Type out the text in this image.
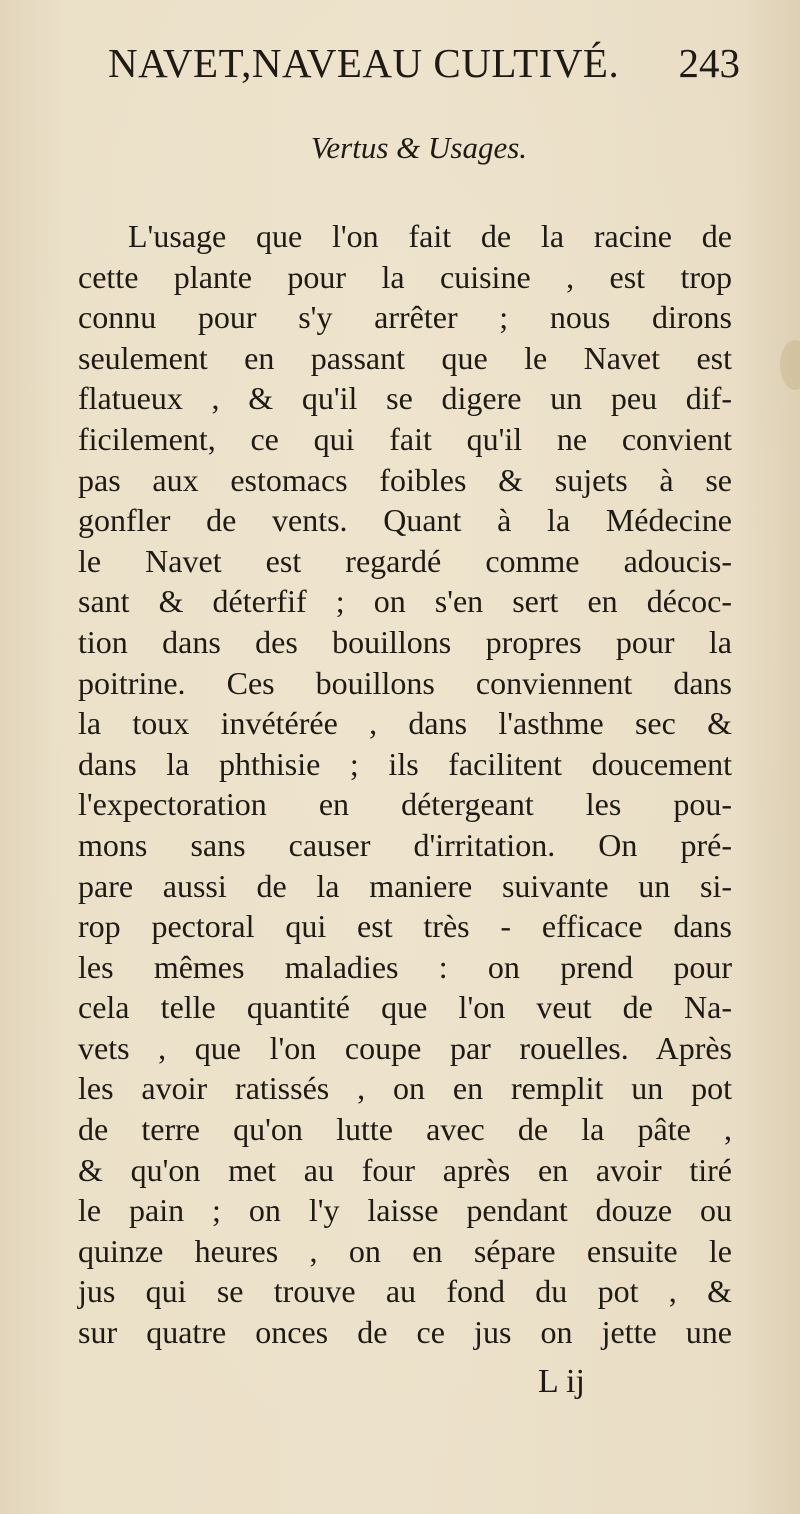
NAVET,NAVEAU CULTIVÉ. 243
Vertus & Usages.
L'usage que l'on fait de la racine de
cette plante pour la cuisine , est trop
connu pour s'y arrêter ; nous dirons
seulement en passant que le Navet est
flatueux , & qu'il se digere un peu dif-
ficilement, ce qui fait qu'il ne convient
pas aux estomacs foibles & sujets à se
gonfler de vents. Quant à la Médecine
le Navet est regardé comme adoucis-
sant & déterfif ; on s'en sert en décoc-
tion dans des bouillons propres pour la
poitrine. Ces bouillons conviennent dans
la toux invétérée , dans l'asthme sec &
dans la phthisie ; ils facilitent doucement
l'expectoration en détergeant les pou-
mons sans causer d'irritation. On pré-
pare aussi de la maniere suivante un si-
rop pectoral qui est très - efficace dans
les mêmes maladies : on prend pour
cela telle quantité que l'on veut de Na-
vets , que l'on coupe par rouelles. Après
les avoir ratissés , on en remplit un pot
de terre qu'on lutte avec de la pâte ,
& qu'on met au four après en avoir tiré
le pain ; on l'y laisse pendant douze ou
quinze heures , on en sépare ensuite le
jus qui se trouve au fond du pot , &
sur quatre onces de ce jus on jette une
L ij
